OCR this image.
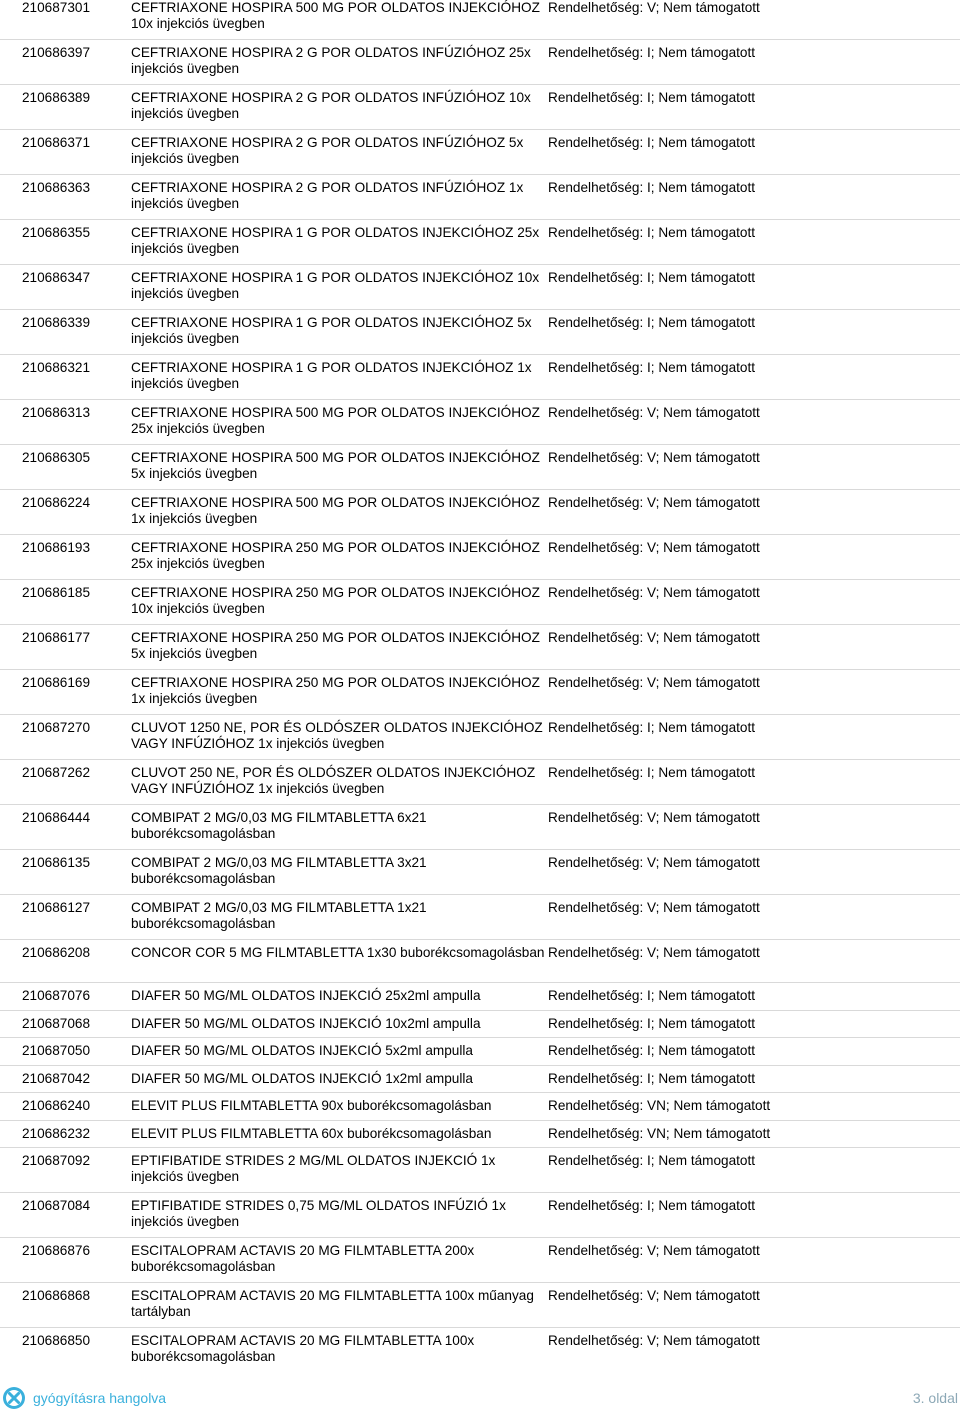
210687301	CEFTRIAXONE HOSPIRA 500 MG POR OLDATOS INJEKCIÓHOZ 10x injekciós üvegben
Rendelhetőség: V; Nem támogatott
210686397	CEFTRIAXONE HOSPIRA 2 G POR OLDATOS INFÚZIÓHOZ 25x injekciós üvegben
Rendelhetőség: I; Nem támogatott
210686389	CEFTRIAXONE HOSPIRA 2 G POR OLDATOS INFÚZIÓHOZ 10x injekciós üvegben
Rendelhetőség: I; Nem támogatott
210686371	CEFTRIAXONE HOSPIRA 2 G POR OLDATOS INFÚZIÓHOZ 5x injekciós üvegben
Rendelhetőség: I; Nem támogatott
210686363	CEFTRIAXONE HOSPIRA 2 G POR OLDATOS INFÚZIÓHOZ 1x injekciós üvegben
Rendelhetőség: I; Nem támogatott
210686355	CEFTRIAXONE HOSPIRA 1 G POR OLDATOS INJEKCIÓHOZ 25x injekciós üvegben
Rendelhetőség: I; Nem támogatott
210686347	CEFTRIAXONE HOSPIRA 1 G POR OLDATOS INJEKCIÓHOZ 10x injekciós üvegben
Rendelhetőség: I; Nem támogatott
210686339	CEFTRIAXONE HOSPIRA 1 G POR OLDATOS INJEKCIÓHOZ 5x injekciós üvegben
Rendelhetőség: I; Nem támogatott
210686321	CEFTRIAXONE HOSPIRA 1 G POR OLDATOS INJEKCIÓHOZ 1x injekciós üvegben
Rendelhetőség: I; Nem támogatott
210686313	CEFTRIAXONE HOSPIRA 500 MG POR OLDATOS INJEKCIÓHOZ 25x injekciós üvegben
Rendelhetőség: V; Nem támogatott
210686305	CEFTRIAXONE HOSPIRA 500 MG POR OLDATOS INJEKCIÓHOZ 5x injekciós üvegben
Rendelhetőség: V; Nem támogatott
210686224	CEFTRIAXONE HOSPIRA 500 MG POR OLDATOS INJEKCIÓHOZ 1x injekciós üvegben
Rendelhetőség: V; Nem támogatott
210686193	CEFTRIAXONE HOSPIRA 250 MG POR OLDATOS INJEKCIÓHOZ 25x injekciós üvegben
Rendelhetőség: V; Nem támogatott
210686185	CEFTRIAXONE HOSPIRA 250 MG POR OLDATOS INJEKCIÓHOZ 10x injekciós üvegben
Rendelhetőség: V; Nem támogatott
210686177	CEFTRIAXONE HOSPIRA 250 MG POR OLDATOS INJEKCIÓHOZ 5x injekciós üvegben
Rendelhetőség: V; Nem támogatott
210686169	CEFTRIAXONE HOSPIRA 250 MG POR OLDATOS INJEKCIÓHOZ 1x injekciós üvegben
Rendelhetőség: V; Nem támogatott
210687270	CLUVOT 1250 NE, POR ÉS OLDÓSZER OLDATOS INJEKCIÓHOZ VAGY INFÚZIÓHOZ 1x injekciós üvegben
Rendelhetőség: I; Nem támogatott
210687262	CLUVOT 250 NE, POR ÉS OLDÓSZER OLDATOS INJEKCIÓHOZ VAGY INFÚZIÓHOZ 1x injekciós üvegben
Rendelhetőség: I; Nem támogatott
210686444	COMBIPAT 2 MG/0,03 MG FILMTABLETTA 6x21 buborékcsomagolásban
Rendelhetőség: V; Nem támogatott
210686135	COMBIPAT 2 MG/0,03 MG FILMTABLETTA 3x21 buborékcsomagolásban
Rendelhetőség: V; Nem támogatott
210686127	COMBIPAT 2 MG/0,03 MG FILMTABLETTA 1x21 buborékcsomagolásban
Rendelhetőség: V; Nem támogatott
210686208	CONCOR COR 5 MG FILMTABLETTA 1x30 buborékcsomagolásban Rendelhetőség: V; Nem támogatott
210687076	DIAFER 50 MG/ML OLDATOS INJEKCIÓ 25x2ml ampulla	Rendelhetőség: I; Nem támogatott
210687068	DIAFER 50 MG/ML OLDATOS INJEKCIÓ 10x2ml ampulla	Rendelhetőség: I; Nem támogatott
210687050	DIAFER 50 MG/ML OLDATOS INJEKCIÓ 5x2ml ampulla	Rendelhetőség: I; Nem támogatott
210687042	DIAFER 50 MG/ML OLDATOS INJEKCIÓ 1x2ml ampulla	Rendelhetőség: I; Nem támogatott
210686240	ELEVIT PLUS FILMTABLETTA 90x buborékcsomagolásban	Rendelhetőség: VN; Nem támogatott
210686232	ELEVIT PLUS FILMTABLETTA 60x buborékcsomagolásban	Rendelhetőség: VN; Nem támogatott
210687092	EPTIFIBATIDE STRIDES 2 MG/ML OLDATOS INJEKCIÓ 1x injekciós üvegben
Rendelhetőség: I; Nem támogatott
210687084	EPTIFIBATIDE STRIDES 0,75 MG/ML OLDATOS INFÚZIÓ 1x injekciós üvegben
Rendelhetőség: I; Nem támogatott
210686876	ESCITALOPRAM ACTAVIS 20 MG FILMTABLETTA 200x buborékcsomagolásban
Rendelhetőség: V; Nem támogatott
210686868	ESCITALOPRAM ACTAVIS 20 MG FILMTABLETTA 100x műanyag tartályban
Rendelhetőség: V; Nem támogatott
210686850	ESCITALOPRAM ACTAVIS 20 MG FILMTABLETTA 100x buborékcsomagolásban
Rendelhetőség: V; Nem támogatott
gyógyításra hangolva	3. oldal
